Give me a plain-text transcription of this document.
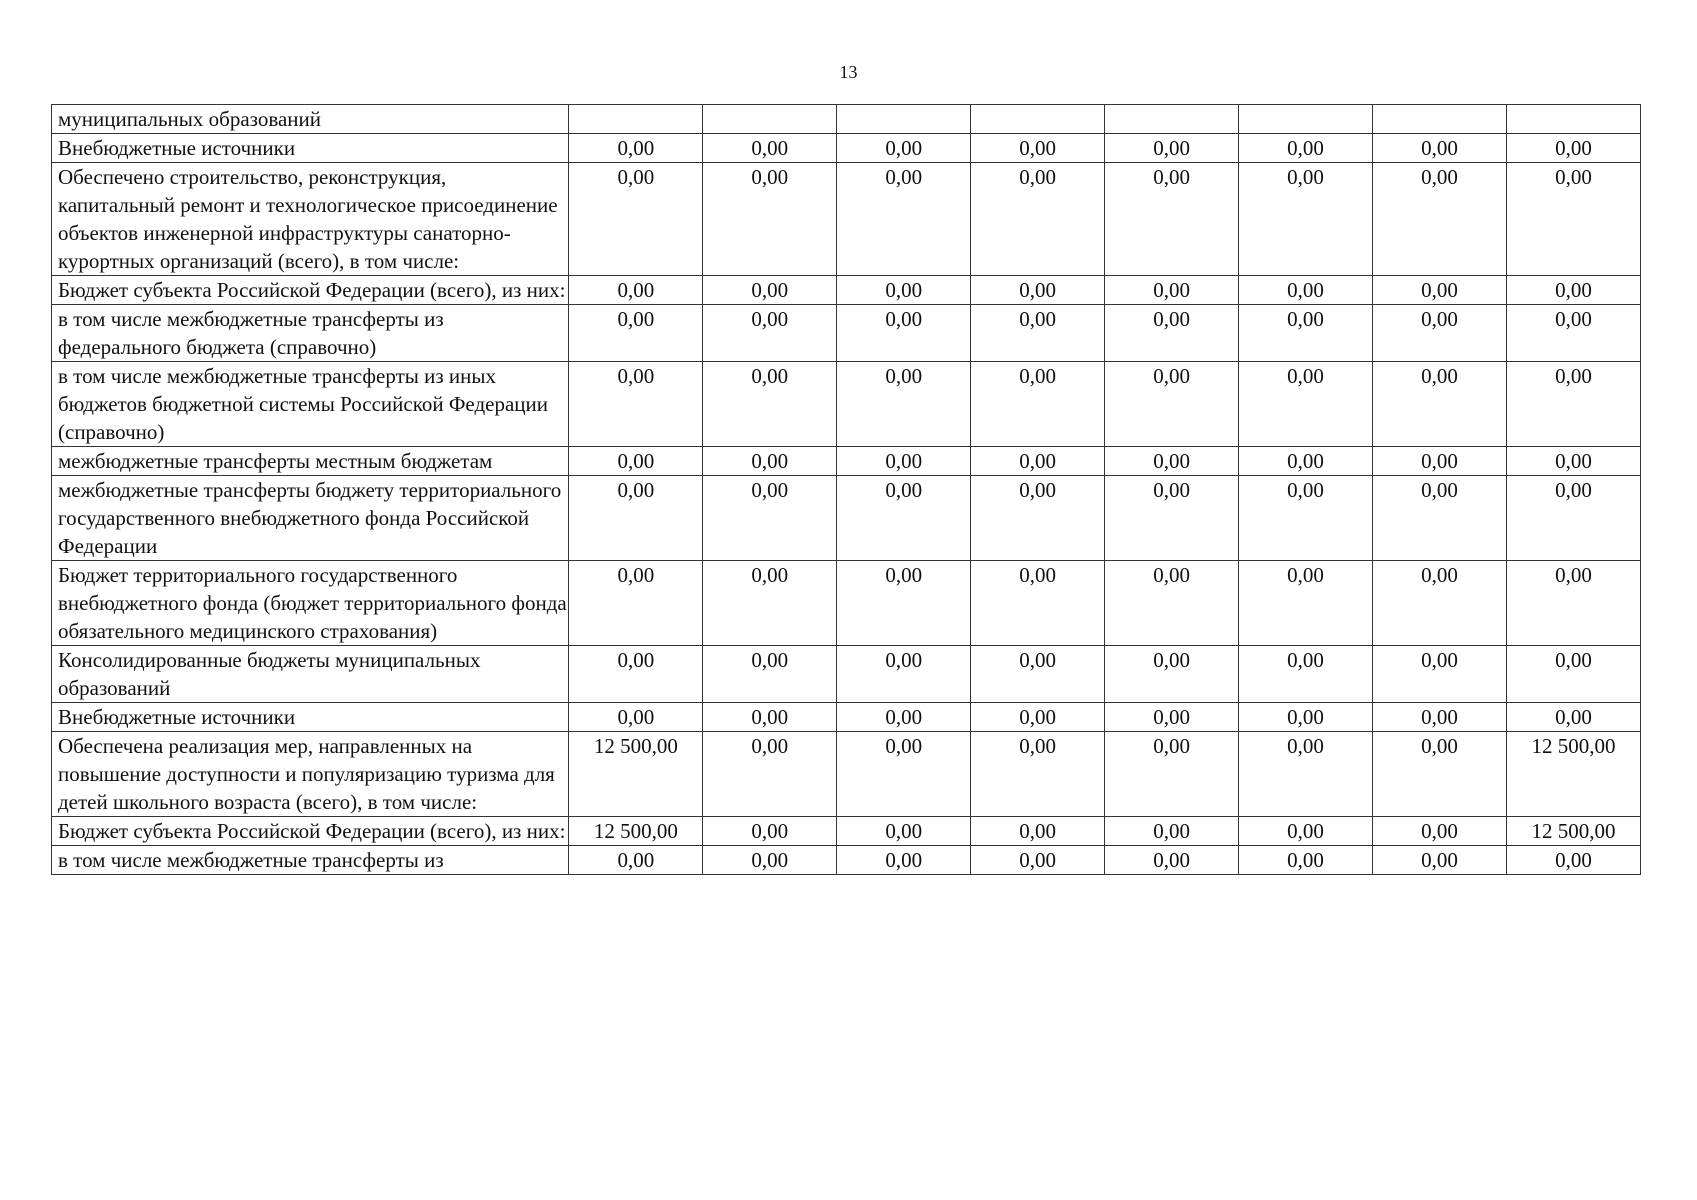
13
муниципальных образований								
Внебюджетные источники	0,00	0,00	0,00	0,00	0,00	0,00	0,00	0,00
Обеспечено строительство, реконструкция, капитальный ремонт и технологическое присоединение объектов инженерной инфраструктуры санаторно-курортных организаций (всего), в том числе:	0,00	0,00	0,00	0,00	0,00	0,00	0,00	0,00
Бюджет субъекта Российской Федерации (всего), из них:	0,00	0,00	0,00	0,00	0,00	0,00	0,00	0,00
в том числе межбюджетные трансферты из федерального бюджета (справочно)	0,00	0,00	0,00	0,00	0,00	0,00	0,00	0,00
в том числе межбюджетные трансферты из иных бюджетов бюджетной системы Российской Федерации (справочно)	0,00	0,00	0,00	0,00	0,00	0,00	0,00	0,00
межбюджетные трансферты местным бюджетам	0,00	0,00	0,00	0,00	0,00	0,00	0,00	0,00
межбюджетные трансферты бюджету территориального государственного внебюджетного фонда Российской Федерации	0,00	0,00	0,00	0,00	0,00	0,00	0,00	0,00
Бюджет территориального государственного внебюджетного фонда (бюджет территориального фонда обязательного медицинского страхования)	0,00	0,00	0,00	0,00	0,00	0,00	0,00	0,00
Консолидированные бюджеты муниципальных образований	0,00	0,00	0,00	0,00	0,00	0,00	0,00	0,00
Внебюджетные источники	0,00	0,00	0,00	0,00	0,00	0,00	0,00	0,00
Обеспечена реализация мер, направленных на повышение доступности и популяризацию туризма для детей школьного возраста (всего), в том числе:	12 500,00	0,00	0,00	0,00	0,00	0,00	0,00	12 500,00
Бюджет субъекта Российской Федерации (всего), из них:	12 500,00	0,00	0,00	0,00	0,00	0,00	0,00	12 500,00
в том числе межбюджетные трансферты из	0,00	0,00	0,00	0,00	0,00	0,00	0,00	0,00
